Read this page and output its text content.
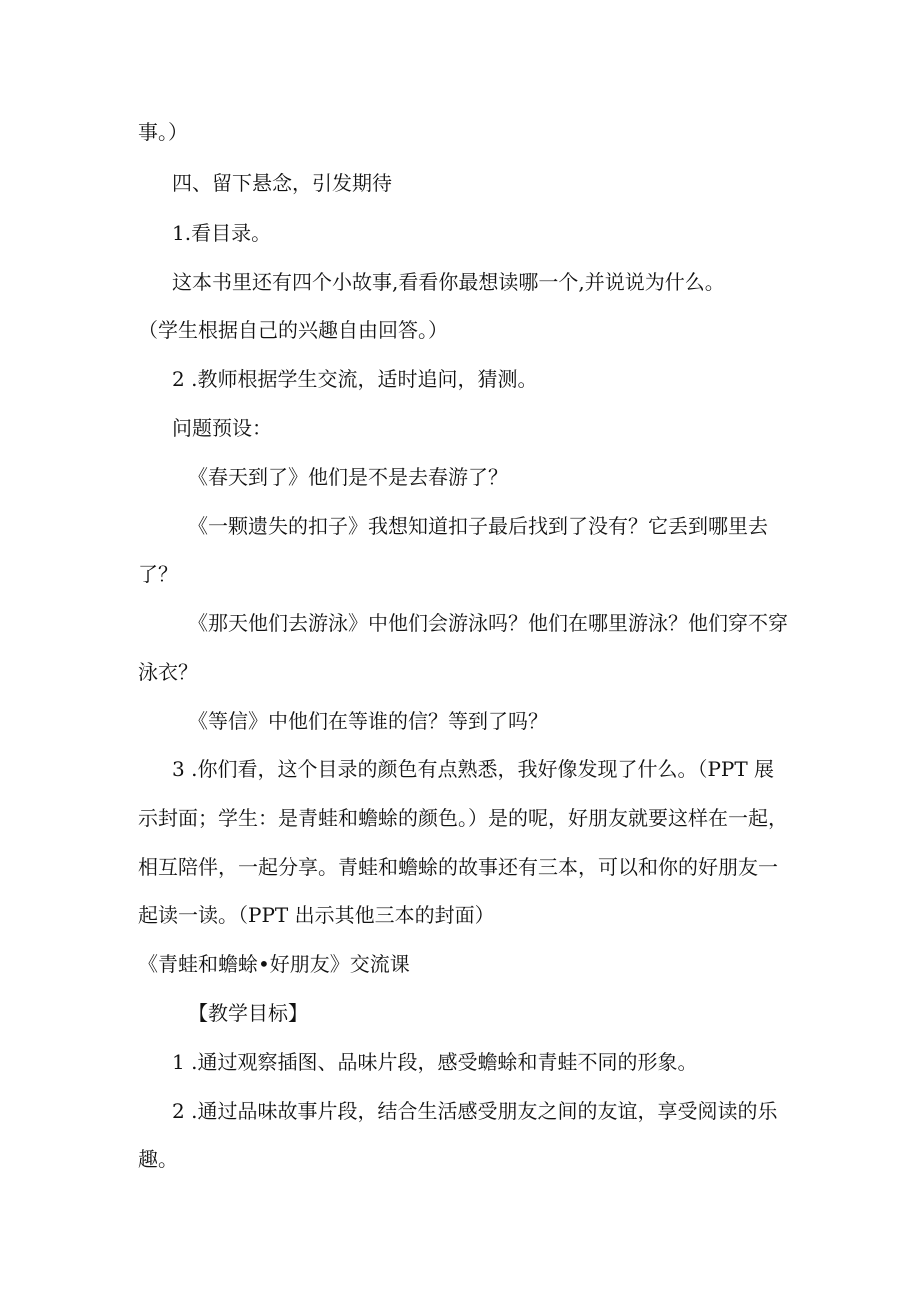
事。）

四、留下悬念，引发期待

1.看目录。

这本书里还有四个小故事,看看你最想读哪一个,并说说为什么。

（学生根据自己的兴趣自由回答。）

2 .教师根据学生交流，适时追问，猜测。

问题预设：

《春天到了》他们是不是去春游了？

《一颗遗失的扣子》我想知道扣子最后找到了没有？它丢到哪里去

了？

《那天他们去游泳》中他们会游泳吗？他们在哪里游泳？他们穿不穿

泳衣？

《等信》中他们在等谁的信？等到了吗？

3 .你们看，这个目录的颜色有点熟悉，我好像发现了什么。（PPT 展

示封面；学生：是青蛙和蟾蜍的颜色。）是的呢，好朋友就要这样在一起，

相互陪伴，一起分享。青蛙和蟾蜍的故事还有三本，可以和你的好朋友一

起读一读。（PPT 出示其他三本的封面）

《青蛙和蟾蜍•好朋友》交流课

【教学目标】

1 .通过观察插图、品味片段，感受蟾蜍和青蛙不同的形象。

2 .通过品味故事片段，结合生活感受朋友之间的友谊，享受阅读的乐

趣。
